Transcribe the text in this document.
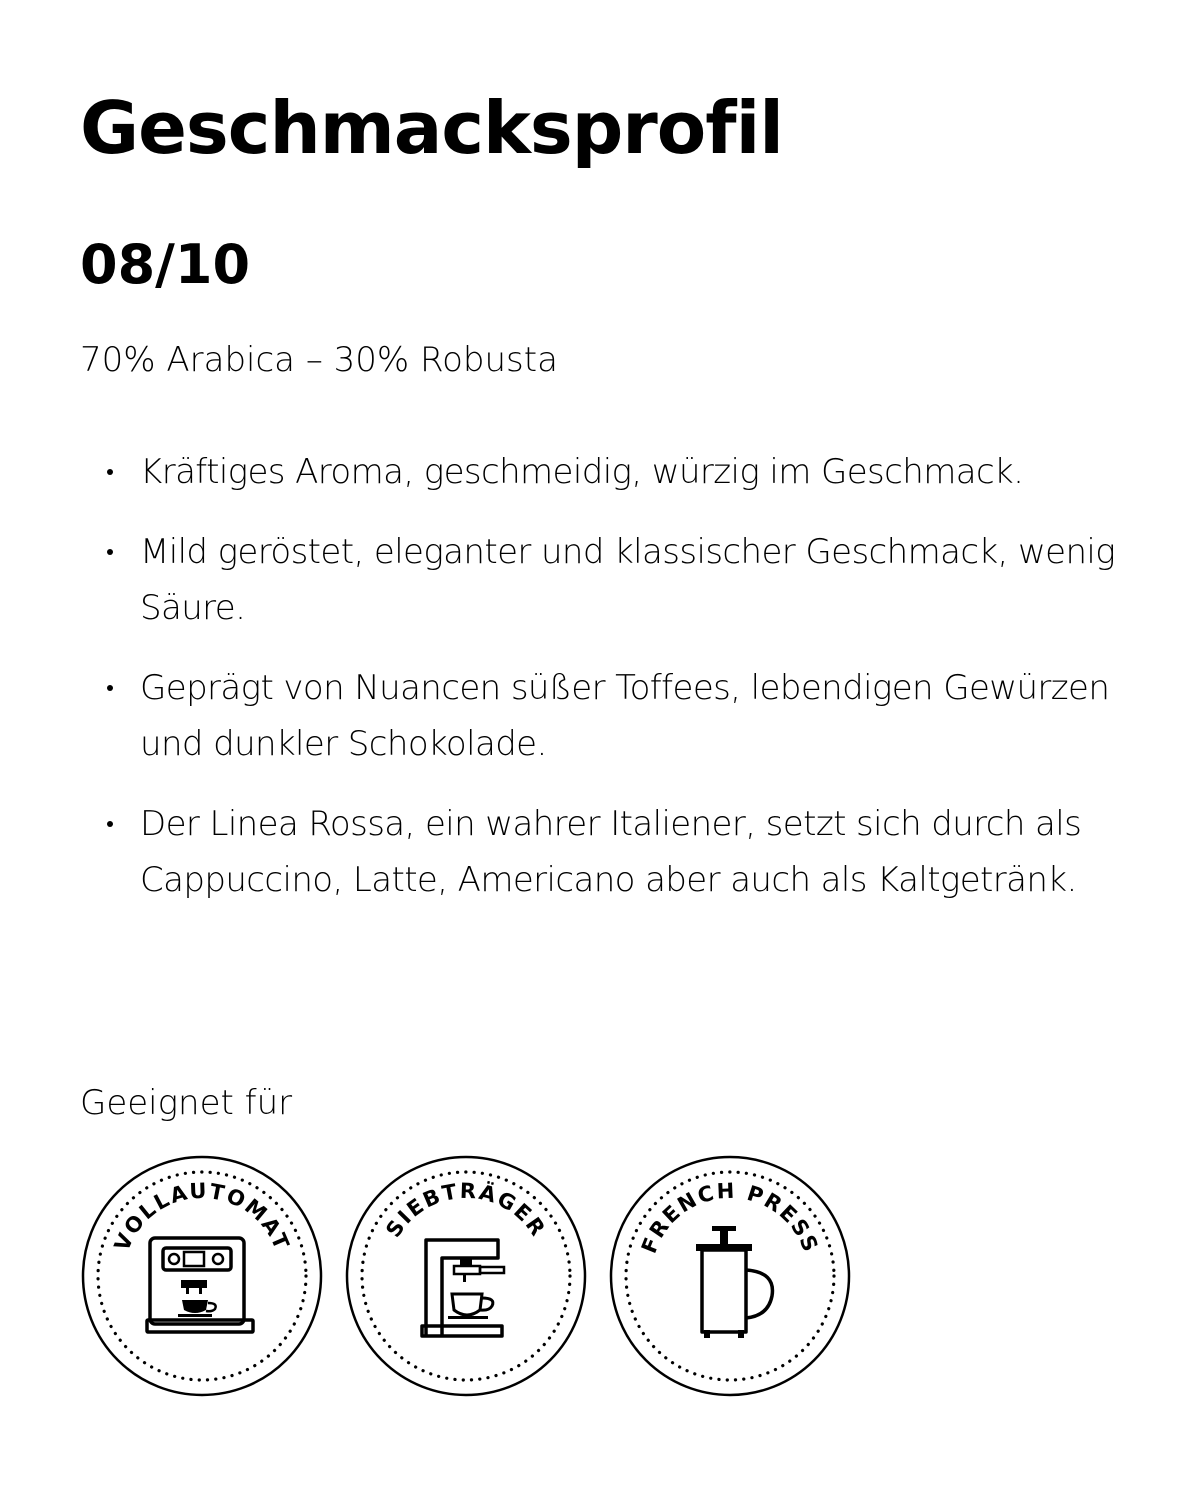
Geschmacksprofil
08/10

70% Arabica – 30% Robusta

Kräftiges Aroma, geschmeidig, würzig im Geschmack.
Mild geröstet, eleganter und klassischer Geschmack, wenig Säure.
Geprägt von Nuancen süßer Toffees, lebendigen Gewürzen und dunkler Schokolade.
Der Linea Rossa, ein wahrer Italiener, setzt sich durch als Cappuccino, Latte, Americano aber auch als Kaltgetränk.

Geeignet für

VOLLAUTOMAT
SIEBTRÄGER
FRENCH PRESS
